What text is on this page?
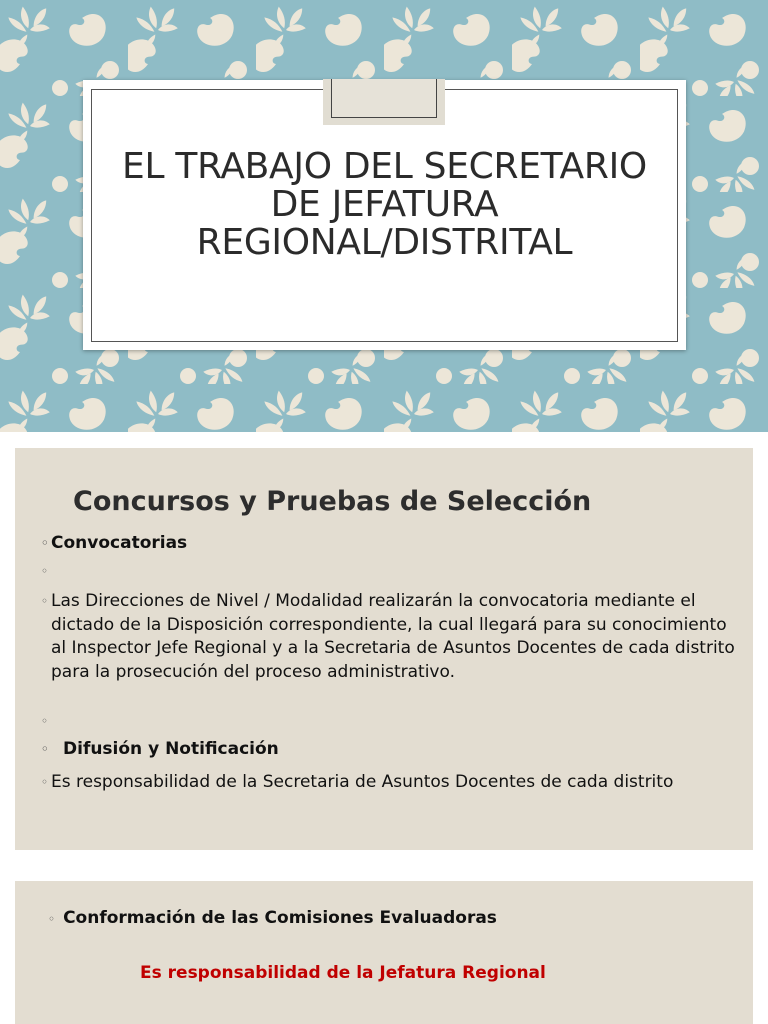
EL TRABAJO DEL SECRETARIO
DE JEFATURA
REGIONAL/DISTRITAL
Concursos y Pruebas de Selección
◦ Convocatorias
◦
◦ Las Direcciones de Nivel / Modalidad realizarán la convocatoria mediante el dictado de la Disposición correspondiente, la cual llegará para su conocimiento al Inspector Jefe Regional y a la Secretaria de Asuntos Docentes de cada distrito para la prosecución del proceso administrativo.
◦
◦ Difusión y Notificación
◦ Es responsabilidad de la Secretaria de Asuntos Docentes de cada distrito
◦ Conformación de las Comisiones Evaluadoras
Es responsabilidad de la Jefatura Regional
